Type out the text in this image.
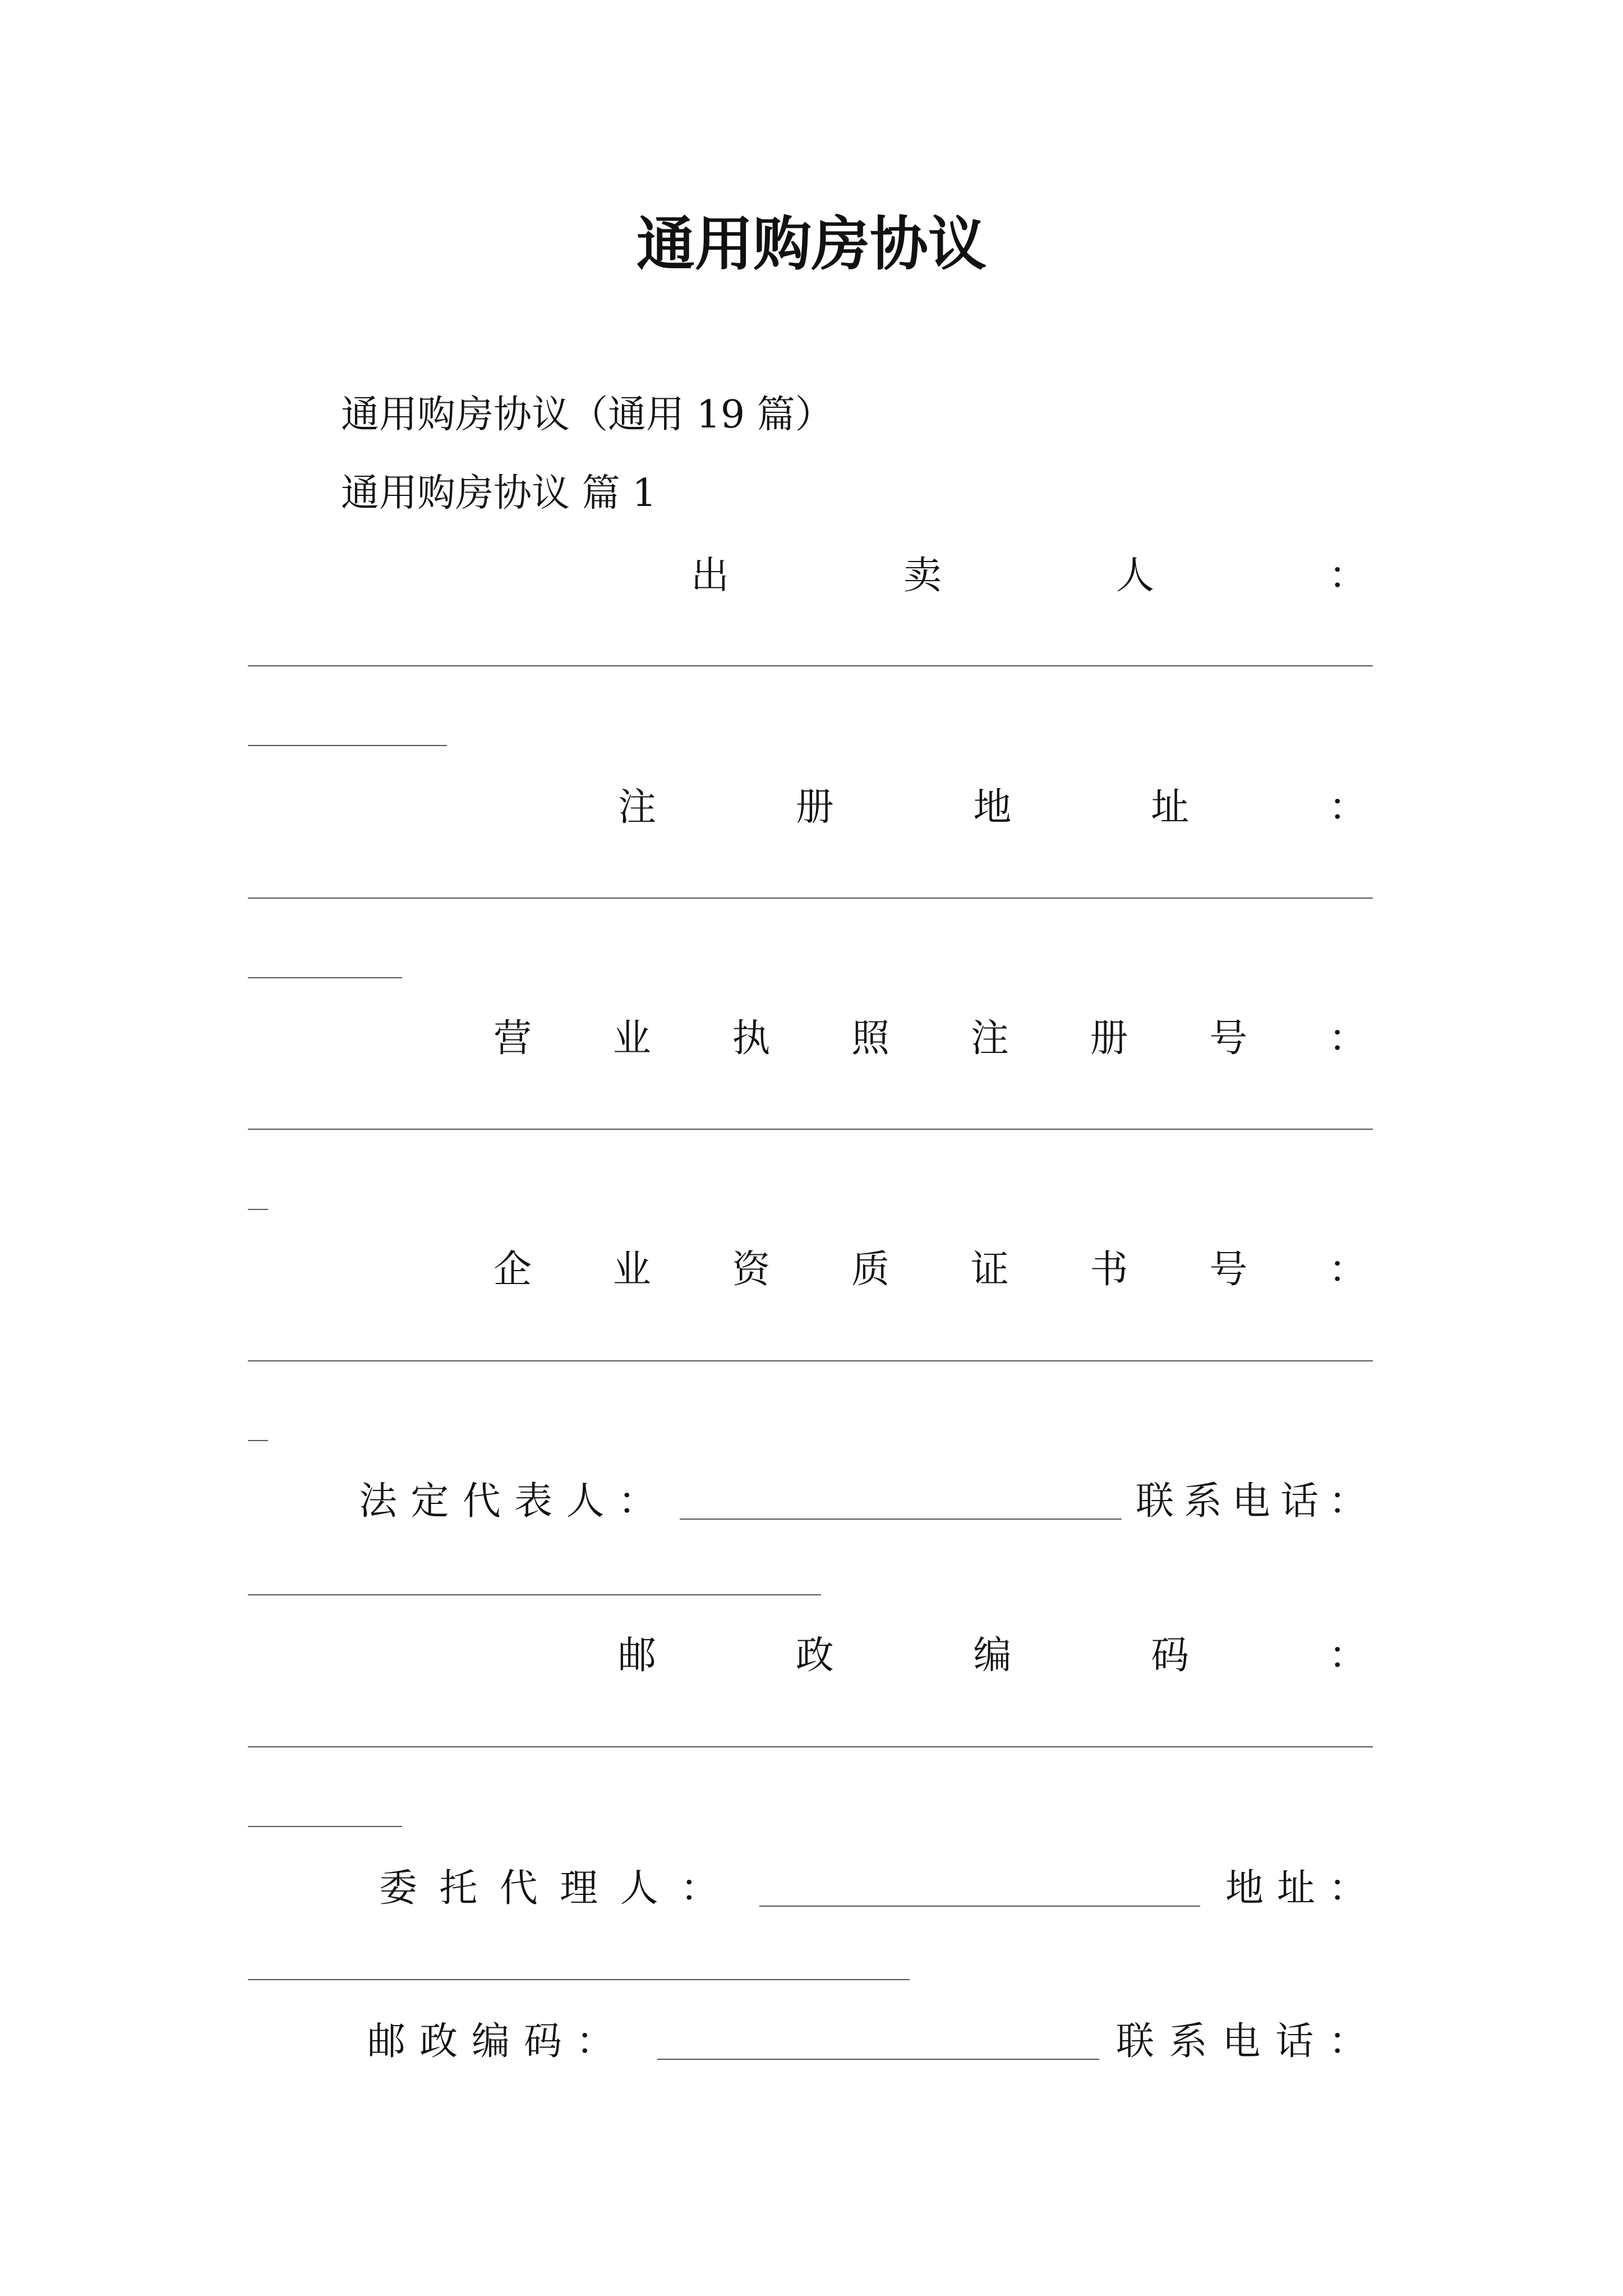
通用购房协议
通用购房协议（通用 19 篇）
通用购房协议 篇 1
出	卖	人	：
注	册	地	址	：
营 业 执 照 注 册 号 ：
企 业 资 质 证 书 号 ：
法 定 代 表 人 ：	联 系 电 话 ：
邮	政	编	码	：
委 托 代 理 人 ：	地 址 ：
邮 政 编 码 ：	联 系 电 话 ：
